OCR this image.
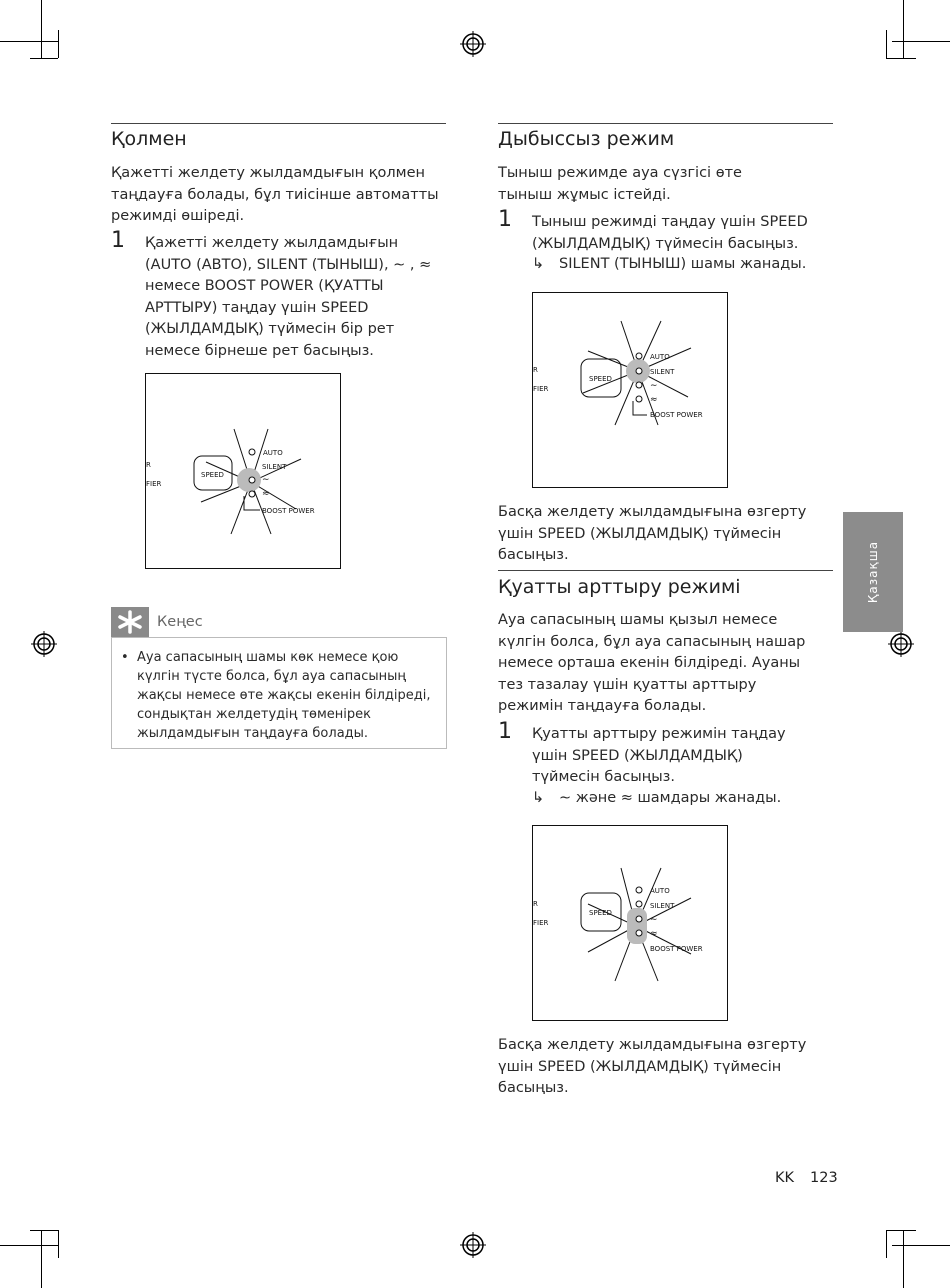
Қолмен

Қажетті желдету жылдамдығын қолмен таңдауға болады, бұл тиісінше автоматты режимді өшіреді.

1 Қажетті желдету жылдамдығын (AUTO (АВТО), SILENT (ТЫНЫШ), ∼ , ≈ немесе BOOST POWER (ҚУАТТЫ АРТТЫРУ) таңдау үшін SPEED (ЖЫЛДАМДЫҚ) түймесін бір рет немесе бірнеше рет басыңыз.

SPEED
AUTO
SILENT
∼
≈
BOOST POWER
R
FIER
Кеңес
• Ауа сапасының шамы көк немесе қою күлгін түсте болса, бұл ауа сапасының жақсы немесе өте жақсы екенін білдіреді, сондықтан желдетудің төменірек жылдамдығын таңдауға болады.

Дыбыссыз режим

Тыныш режимде ауа сүзгісі өте тыныш жұмыс істейді.

1 Тыныш режимді таңдау үшін SPEED (ЖЫЛДАМДЫҚ) түймесін басыңыз.

↳ SILENT (ТЫНЫШ) шамы жанады.
SPEED
AUTO
SILENT
∼
≈
BOOST POWER
R
FIER

Басқа желдету жылдамдығына өзгерту үшін SPEED (ЖЫЛДАМДЫҚ) түймесін басыңыз.

Қуатты арттыру режимі

Ауа сапасының шамы қызыл немесе күлгін болса, бұл ауа сапасының нашар немесе орташа екенін білдіреді. Ауаны тез тазалау үшін қуатты арттыру режимін таңдауға болады.

1 Қуатты арттыру режимін таңдау үшін SPEED (ЖЫЛДАМДЫҚ) түймесін басыңыз.

↳ ∼ және ≈ шамдары жанады.
SPEED
AUTO
SILENT
∼
≈
BOOST POWER
R
FIER

Басқа желдету жылдамдығына өзгерту үшін SPEED (ЖЫЛДАМДЫҚ) түймесін басыңыз.

Қазақша
KK 123
